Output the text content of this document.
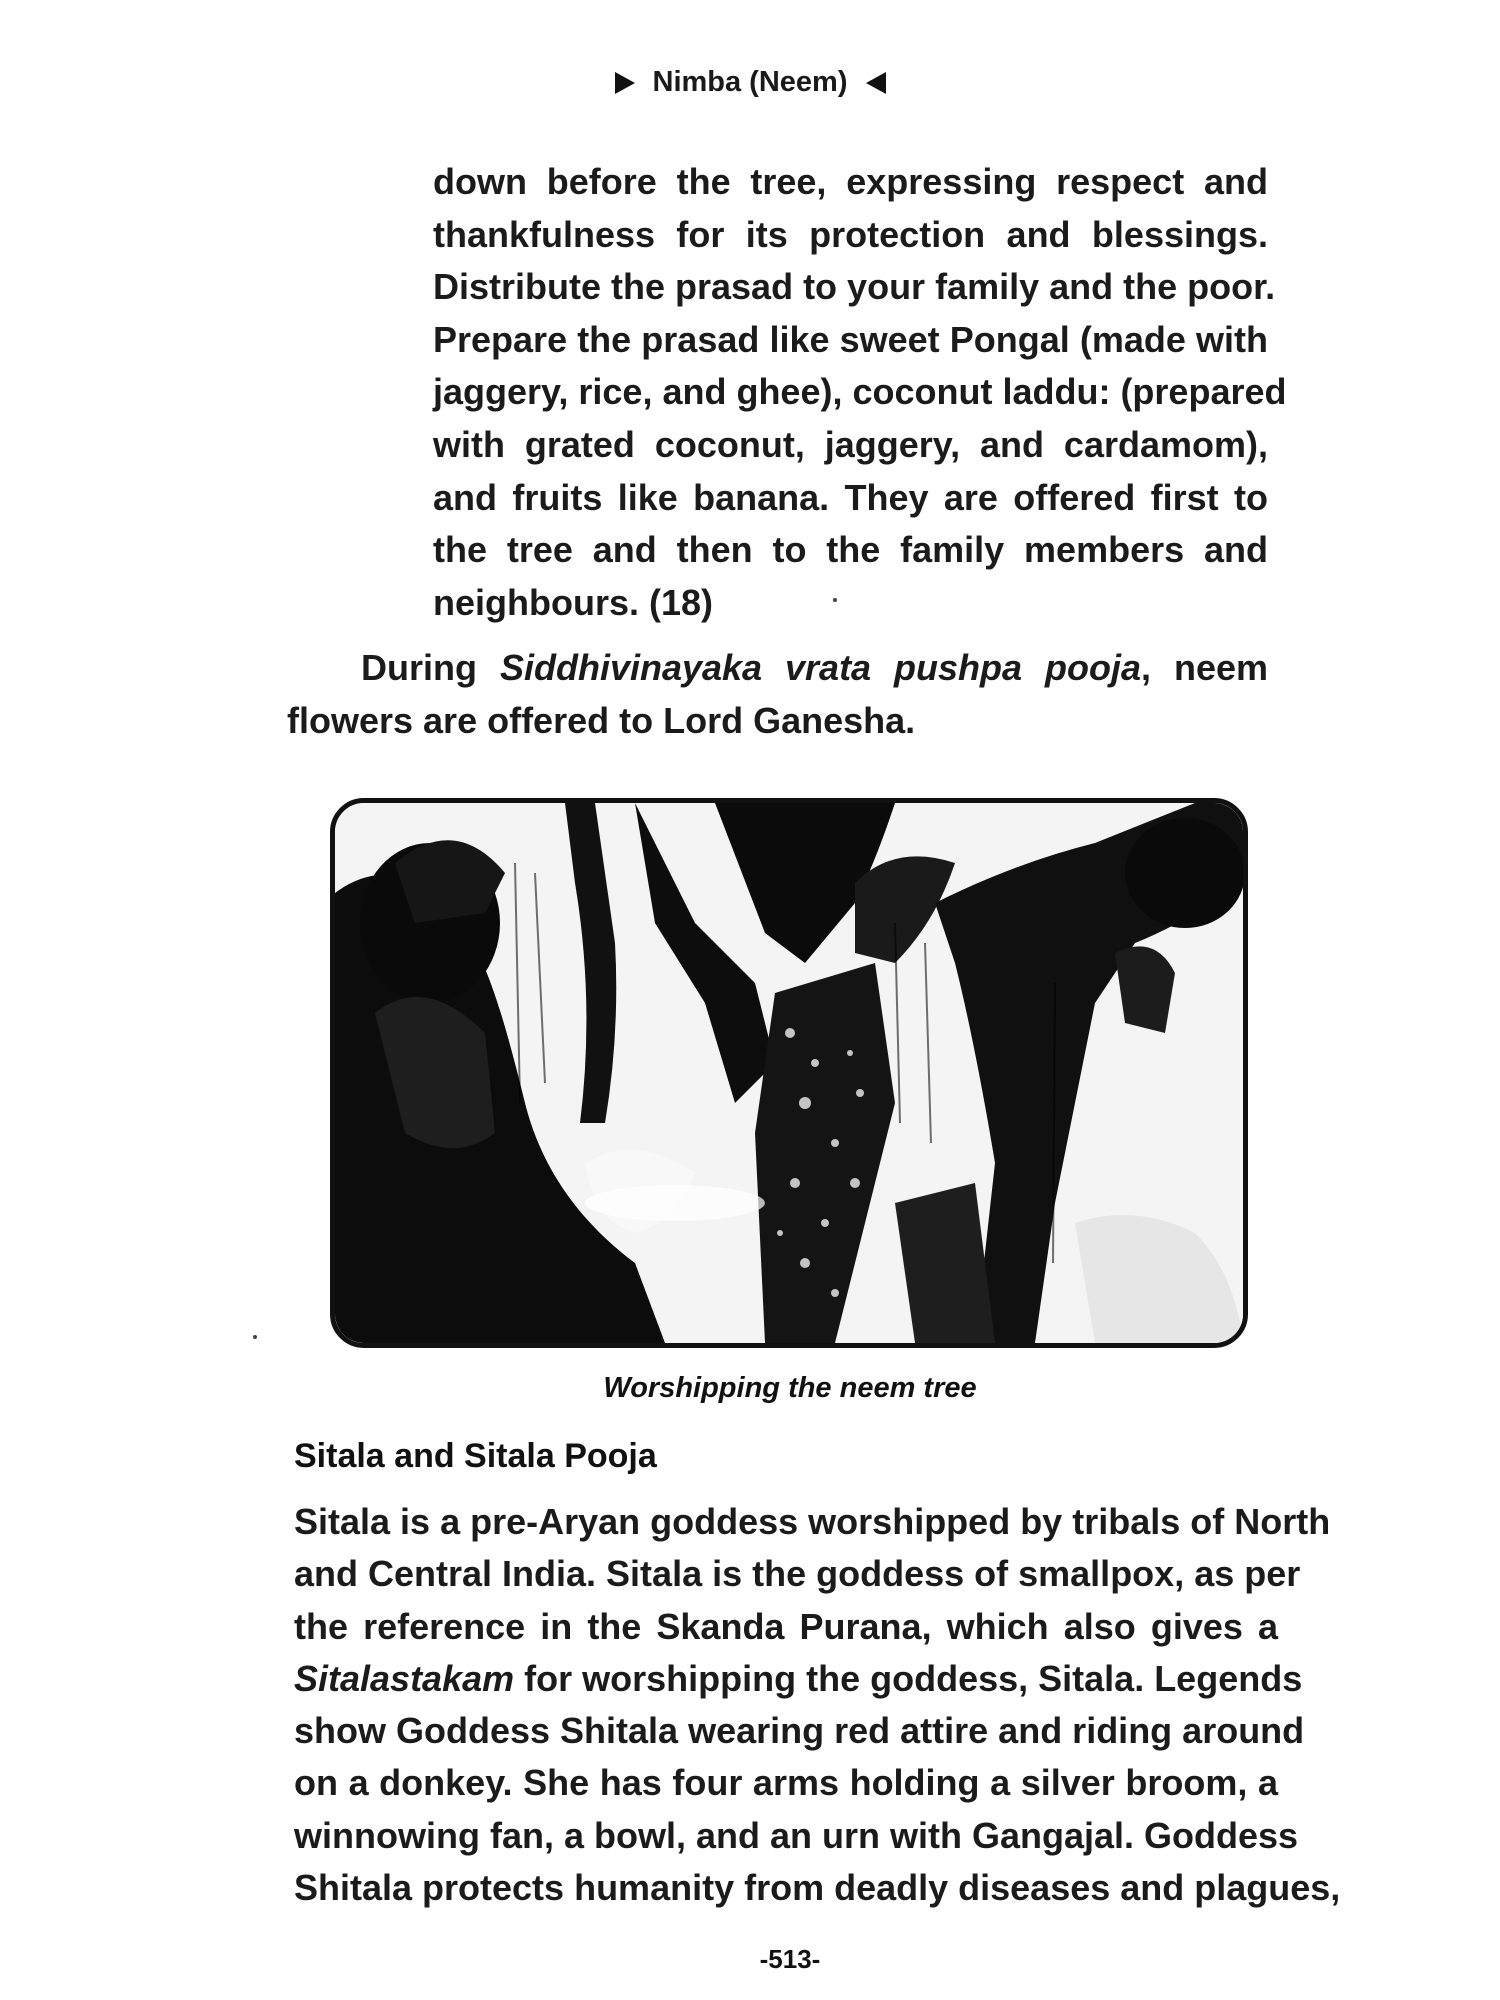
Nimba (Neem)
down before the tree, expressing respect and
thankfulness for its protection and blessings.
Distribute the prasad to your family and the poor.
Prepare the prasad like sweet Pongal (made with
jaggery, rice, and ghee), coconut laddu: (prepared
with grated coconut, jaggery, and cardamom),
and fruits like banana. They are offered first to
the tree and then to the family members and
neighbours. (18)
During Siddhivinayaka vrata pushpa pooja, neem
flowers are offered to Lord Ganesha.
Worshipping the neem tree
Sitala and Sitala Pooja
Sitala is a pre-Aryan goddess worshipped by tribals of North
and Central India. Sitala is the goddess of smallpox, as per
the reference in the Skanda Purana, which also gives a
Sitalastakam for worshipping the goddess, Sitala. Legends
show Goddess Shitala wearing red attire and riding around
on a donkey. She has four arms holding a silver broom, a
winnowing fan, a bowl, and an urn with Gangajal. Goddess
Shitala protects humanity from deadly diseases and plagues,
-513-
